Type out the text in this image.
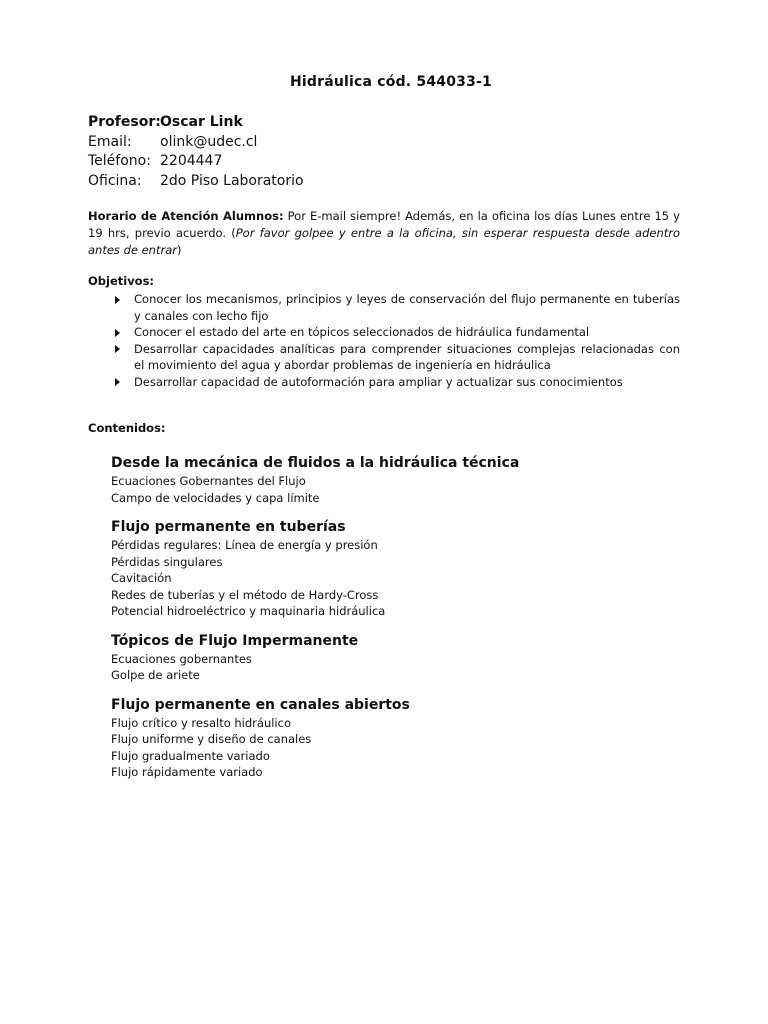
Hidráulica cód. 544033-1
Profesor:Oscar Link
Email: olink@udec.cl
Teléfono: 2204447
Oficina: 2do Piso Laboratorio
Horario de Atención Alumnos: Por E-mail siempre! Además, en la oficina los días Lunes entre 15 y 19 hrs, previo acuerdo. (Por favor golpee y entre a la oficina, sin esperar respuesta desde adentro antes de entrar)
Objetivos:
Conocer los mecanismos, principios y leyes de conservación del flujo permanente en tuberías y canales con lecho fijo
Conocer el estado del arte en tópicos seleccionados de hidráulica fundamental
Desarrollar capacidades analíticas para comprender situaciones complejas relacionadas con el movimiento del agua y abordar problemas de ingeniería en hidráulica
Desarrollar capacidad de autoformación para ampliar y actualizar sus conocimientos
Contenidos:
Desde la mecánica de fluidos a la hidráulica técnica
Ecuaciones Gobernantes del Flujo
Campo de velocidades y capa límite
Flujo permanente en tuberías
Pérdidas regulares: Línea de energía y presión
Pérdidas singulares
Cavitación
Redes de tuberías y el método de Hardy-Cross
Potencial hidroeléctrico y maquinaria hidráulica
Tópicos de Flujo Impermanente
Ecuaciones gobernantes
Golpe de ariete
Flujo permanente en canales abiertos
Flujo crítico y resalto hidráulico
Flujo uniforme y diseño de canales
Flujo gradualmente variado
Flujo rápidamente variado
